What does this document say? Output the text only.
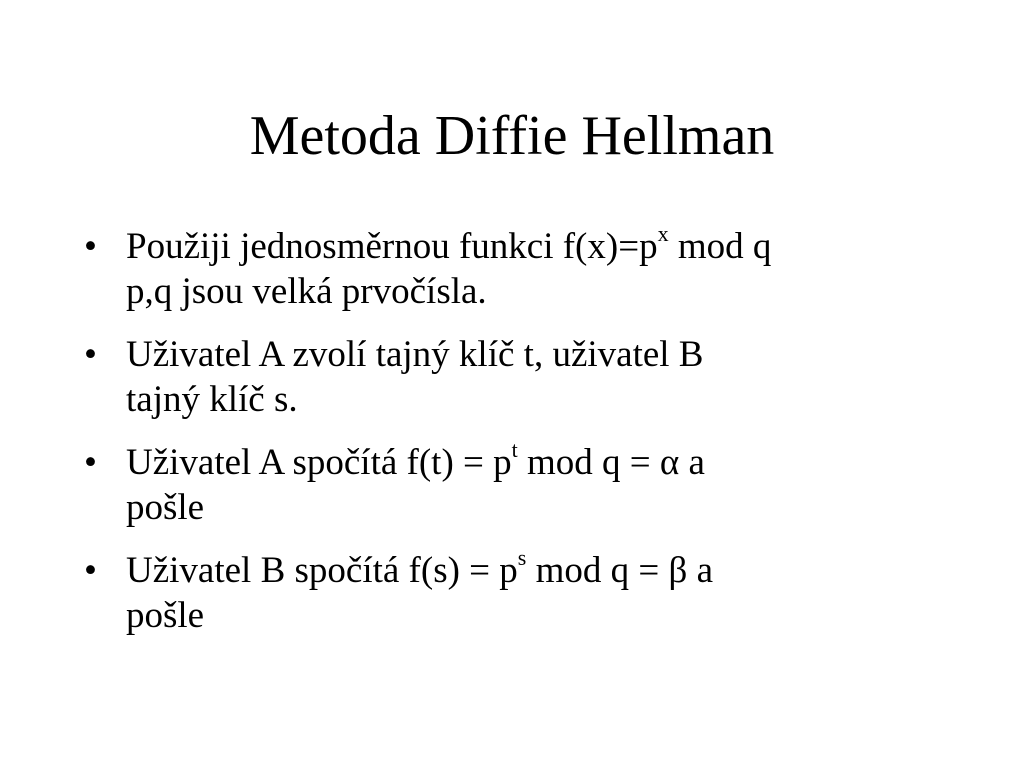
Metoda Diffie Hellman
• Použiji jednosměrnou funkci $f(x)=p^x$ mod q
p,q jsou velká prvočísla.
• Uživatel A zvolí tajný klíč t, uživatel B
tajný klíč s.
• Uživatel A spočítá $f(t) = p^t$ mod q = α a
pošle
• Uživatel B spočítá $f(s) = p^s$ mod q = β a
pošle
